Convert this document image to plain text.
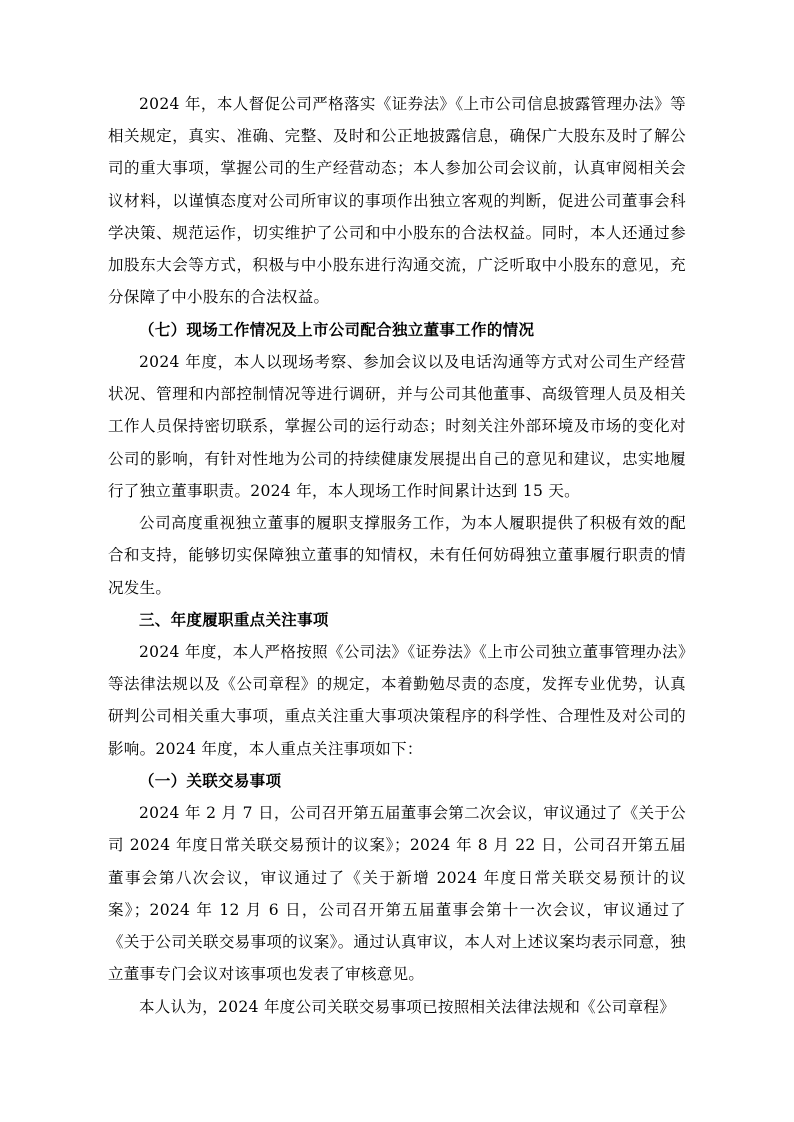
2024 年，本人督促公司严格落实《证券法》《上市公司信息披露管理办法》等相关规定，真实、准确、完整、及时和公正地披露信息，确保广大股东及时了解公司的重大事项，掌握公司的生产经营动态；本人参加公司会议前，认真审阅相关会议材料，以谨慎态度对公司所审议的事项作出独立客观的判断，促进公司董事会科学决策、规范运作，切实维护了公司和中小股东的合法权益。同时，本人还通过参加股东大会等方式，积极与中小股东进行沟通交流，广泛听取中小股东的意见，充分保障了中小股东的合法权益。

（七）现场工作情况及上市公司配合独立董事工作的情况

2024 年度，本人以现场考察、参加会议以及电话沟通等方式对公司生产经营状况、管理和内部控制情况等进行调研，并与公司其他董事、高级管理人员及相关工作人员保持密切联系，掌握公司的运行动态；时刻关注外部环境及市场的变化对公司的影响，有针对性地为公司的持续健康发展提出自己的意见和建议，忠实地履行了独立董事职责。2024 年，本人现场工作时间累计达到 15 天。

公司高度重视独立董事的履职支撑服务工作，为本人履职提供了积极有效的配合和支持，能够切实保障独立董事的知情权，未有任何妨碍独立董事履行职责的情况发生。

三、年度履职重点关注事项

2024 年度，本人严格按照《公司法》《证券法》《上市公司独立董事管理办法》等法律法规以及《公司章程》的规定，本着勤勉尽责的态度，发挥专业优势，认真研判公司相关重大事项，重点关注重大事项决策程序的科学性、合理性及对公司的影响。2024 年度，本人重点关注事项如下：

（一）关联交易事项

2024 年 2 月 7 日，公司召开第五届董事会第二次会议，审议通过了《关于公司 2024 年度日常关联交易预计的议案》；2024 年 8 月 22 日，公司召开第五届董事会第八次会议，审议通过了《关于新增 2024 年度日常关联交易预计的议案》；2024 年 12 月 6 日，公司召开第五届董事会第十一次会议，审议通过了《关于公司关联交易事项的议案》。通过认真审议，本人对上述议案均表示同意，独立董事专门会议对该事项也发表了审核意见。

本人认为，2024 年度公司关联交易事项已按照相关法律法规和《公司章程》
